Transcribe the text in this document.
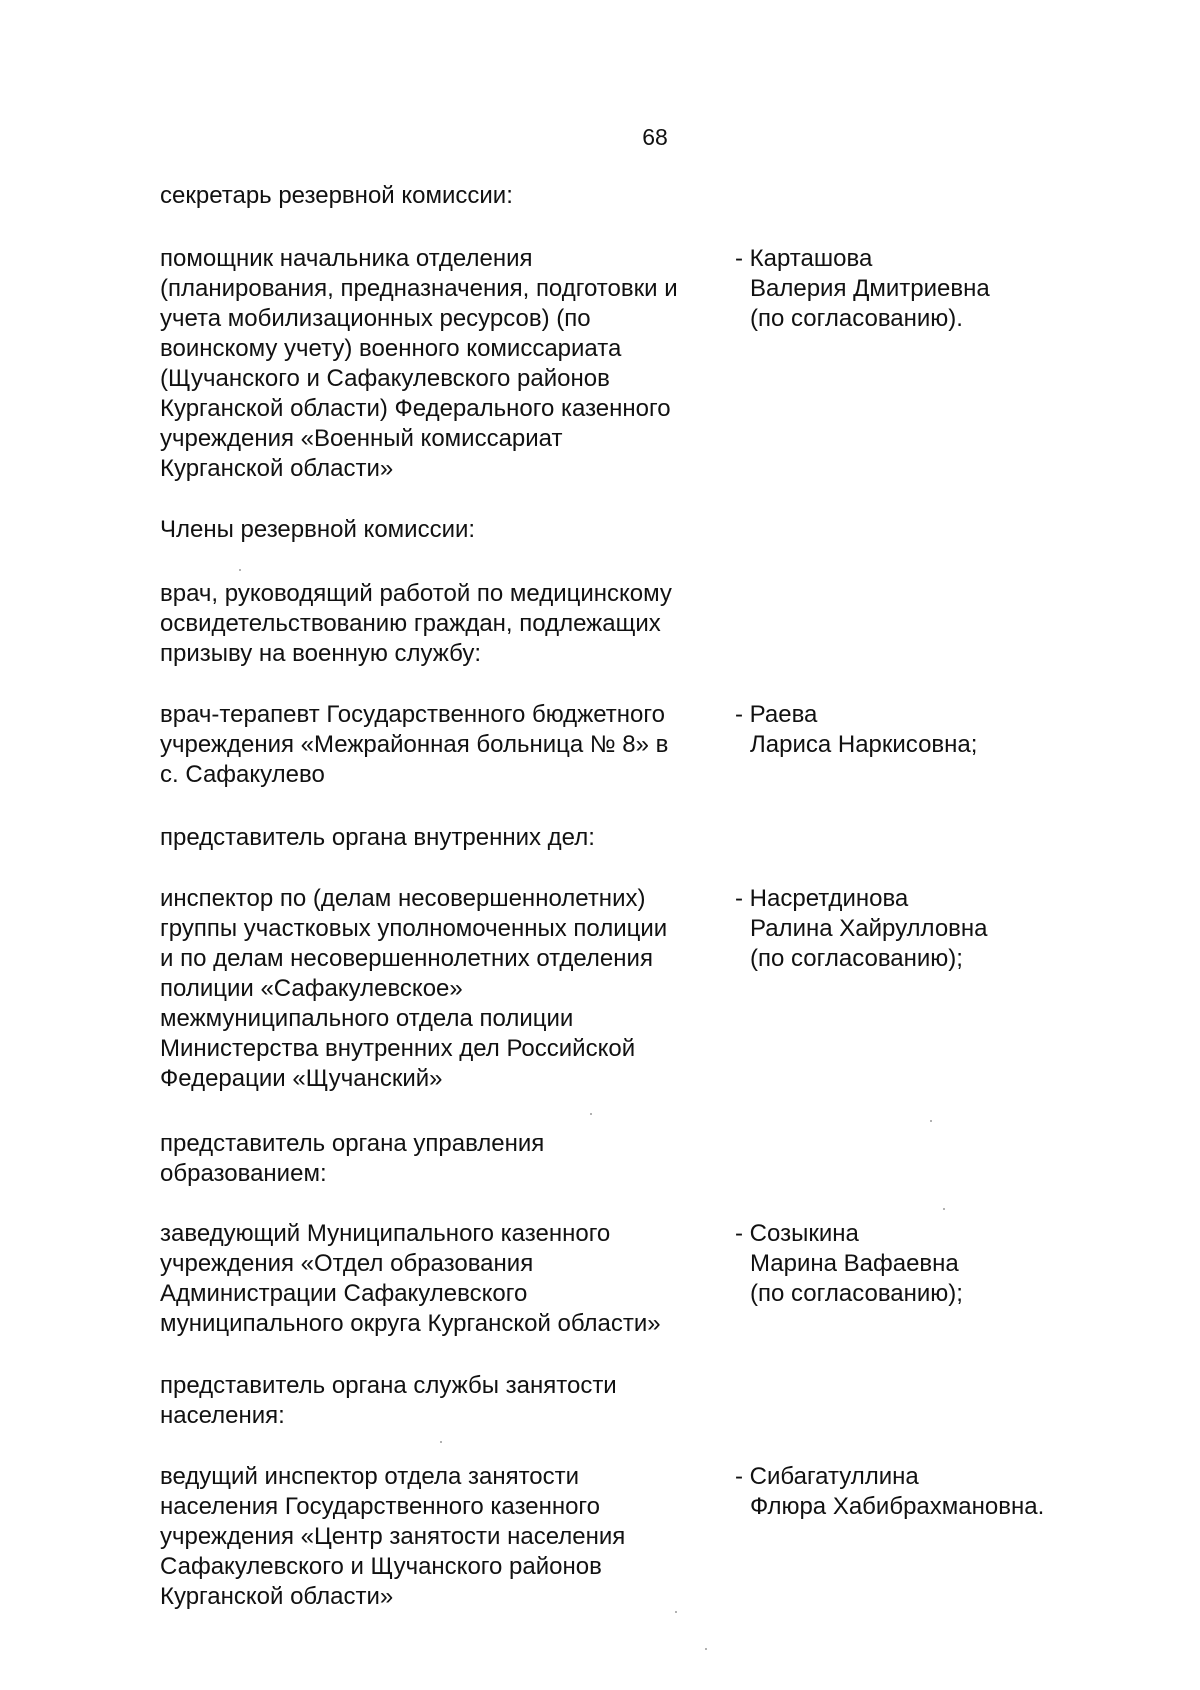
68
секретарь резервной комиссии:
помощник начальника отделения
(планирования, предназначения, подготовки и
учета мобилизационных ресурсов) (по
воинскому учету) военного комиссариата
(Щучанского и Сафакулевского районов
Курганской области) Федерального казенного
учреждения «Военный комиссариат
Курганской области»
- Карташова
Валерия Дмитриевна
(по согласованию).
Члены резервной комиссии:
врач, руководящий работой по медицинскому
освидетельствованию граждан, подлежащих
призыву на военную службу:
врач-терапевт Государственного бюджетного
учреждения «Межрайонная больница № 8» в
с. Сафакулево
- Раева
Лариса Наркисовна;
представитель органа внутренних дел:
инспектор по (делам несовершеннолетних)
группы участковых уполномоченных полиции
и по делам несовершеннолетних отделения
полиции «Сафакулевское»
межмуниципального отдела полиции
Министерства внутренних дел Российской
Федерации «Щучанский»
- Насретдинова
Ралина Хайрулловна
(по согласованию);
представитель органа управления
образованием:
заведующий Муниципального казенного
учреждения «Отдел образования
Администрации Сафакулевского
муниципального округа Курганской области»
- Созыкина
Марина Вафаевна
(по согласованию);
представитель органа службы занятости
населения:
ведущий инспектор отдела занятости
населения Государственного казенного
учреждения «Центр занятости населения
Сафакулевского и Щучанского районов
Курганской области»
- Сибагатуллина
Флюра Хабибрахмановна.
